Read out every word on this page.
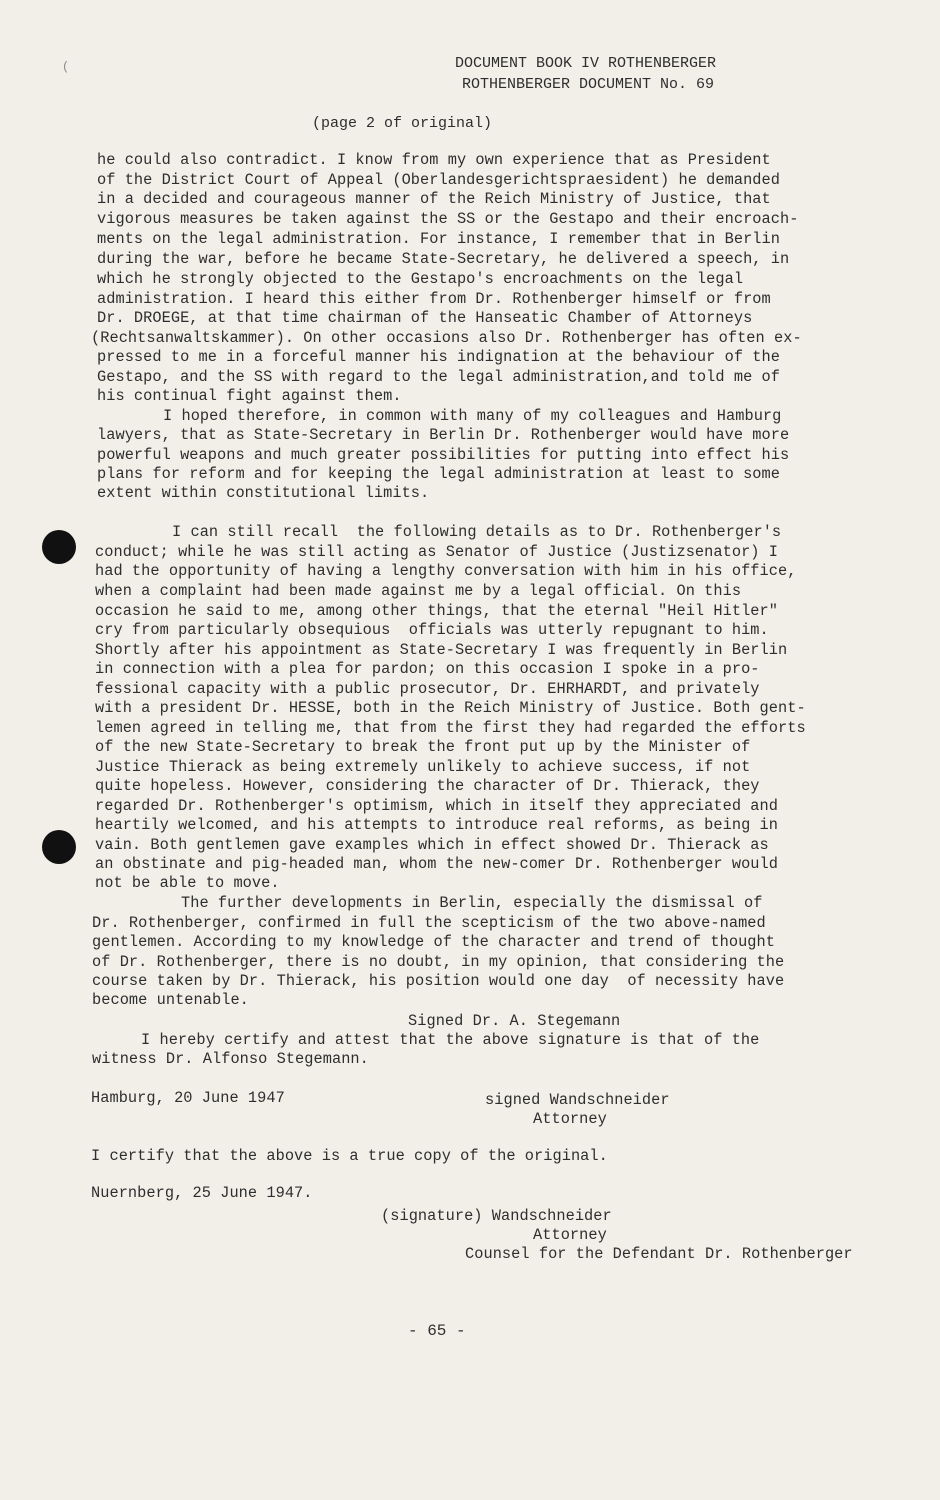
(	DOCUMENT BOOK IV ROTHENBERGER
ROTHENBERGER DOCUMENT No. 69
(page 2 of original)
he could also contradict. I know from my own experience that as President
of the District Court of Appeal (Oberlandesgerichtspraesident) he demanded
in a decided and courageous manner of the Reich Ministry of Justice, that
vigorous measures be taken against the SS or the Gestapo and their encroach-
ments on the legal administration. For instance, I remember that in Berlin
during the war, before he became State-Secretary, he delivered a speech, in
which he strongly objected to the Gestapo's encroachments on the legal
administration. I heard this either from Dr. Rothenberger himself or from
Dr. DROEGE, at that time chairman of the Hanseatic Chamber of Attorneys
(Rechtsanwaltskammer). On other occasions also Dr. Rothenberger has often ex-
pressed to me in a forceful manner his indignation at the behaviour of the
Gestapo, and the SS with regard to the legal administration,and told me of
his continual fight against them.
I hoped therefore, in common with many of my colleagues and Hamburg
lawyers, that as State-Secretary in Berlin Dr. Rothenberger would have more
powerful weapons and much greater possibilities for putting into effect his
plans for reform and for keeping the legal administration at least to some
extent within constitutional limits.
I can still recall  the following details as to Dr. Rothenberger's
conduct; while he was still acting as Senator of Justice (Justizsenator) I
had the opportunity of having a lengthy conversation with him in his office,
when a complaint had been made against me by a legal official. On this
occasion he said to me, among other things, that the eternal "Heil Hitler"
cry from particularly obsequious  officials was utterly repugnant to him.
Shortly after his appointment as State-Secretary I was frequently in Berlin
in connection with a plea for pardon; on this occasion I spoke in a pro-
fessional capacity with a public prosecutor, Dr. EHRHARDT, and privately
with a president Dr. HESSE, both in the Reich Ministry of Justice. Both gent-
lemen agreed in telling me, that from the first they had regarded the efforts
of the new State-Secretary to break the front put up by the Minister of
Justice Thierack as being extremely unlikely to achieve success, if not
quite hopeless. However, considering the character of Dr. Thierack, they
regarded Dr. Rothenberger's optimism, which in itself they appreciated and
heartily welcomed, and his attempts to introduce real reforms, as being in
vain. Both gentlemen gave examples which in effect showed Dr. Thierack as
an obstinate and pig-headed man, whom the new-comer Dr. Rothenberger would
not be able to move.
The further developments in Berlin, especially the dismissal of
Dr. Rothenberger, confirmed in full the scepticism of the two above-named
gentlemen. According to my knowledge of the character and trend of thought
of Dr. Rothenberger, there is no doubt, in my opinion, that considering the
course taken by Dr. Thierack, his position would one day  of necessity have
become untenable.
Signed Dr. A. Stegemann
I hereby certify and attest that the above signature is that of the
witness Dr. Alfonso Stegemann.
Hamburg, 20 June 1947	signed Wandschneider
Attorney
I certify that the above is a true copy of the original.
Nuernberg, 25 June 1947.
(signature) Wandschneider
Attorney
Counsel for the Defendant Dr. Rothenberger
- 65 -
